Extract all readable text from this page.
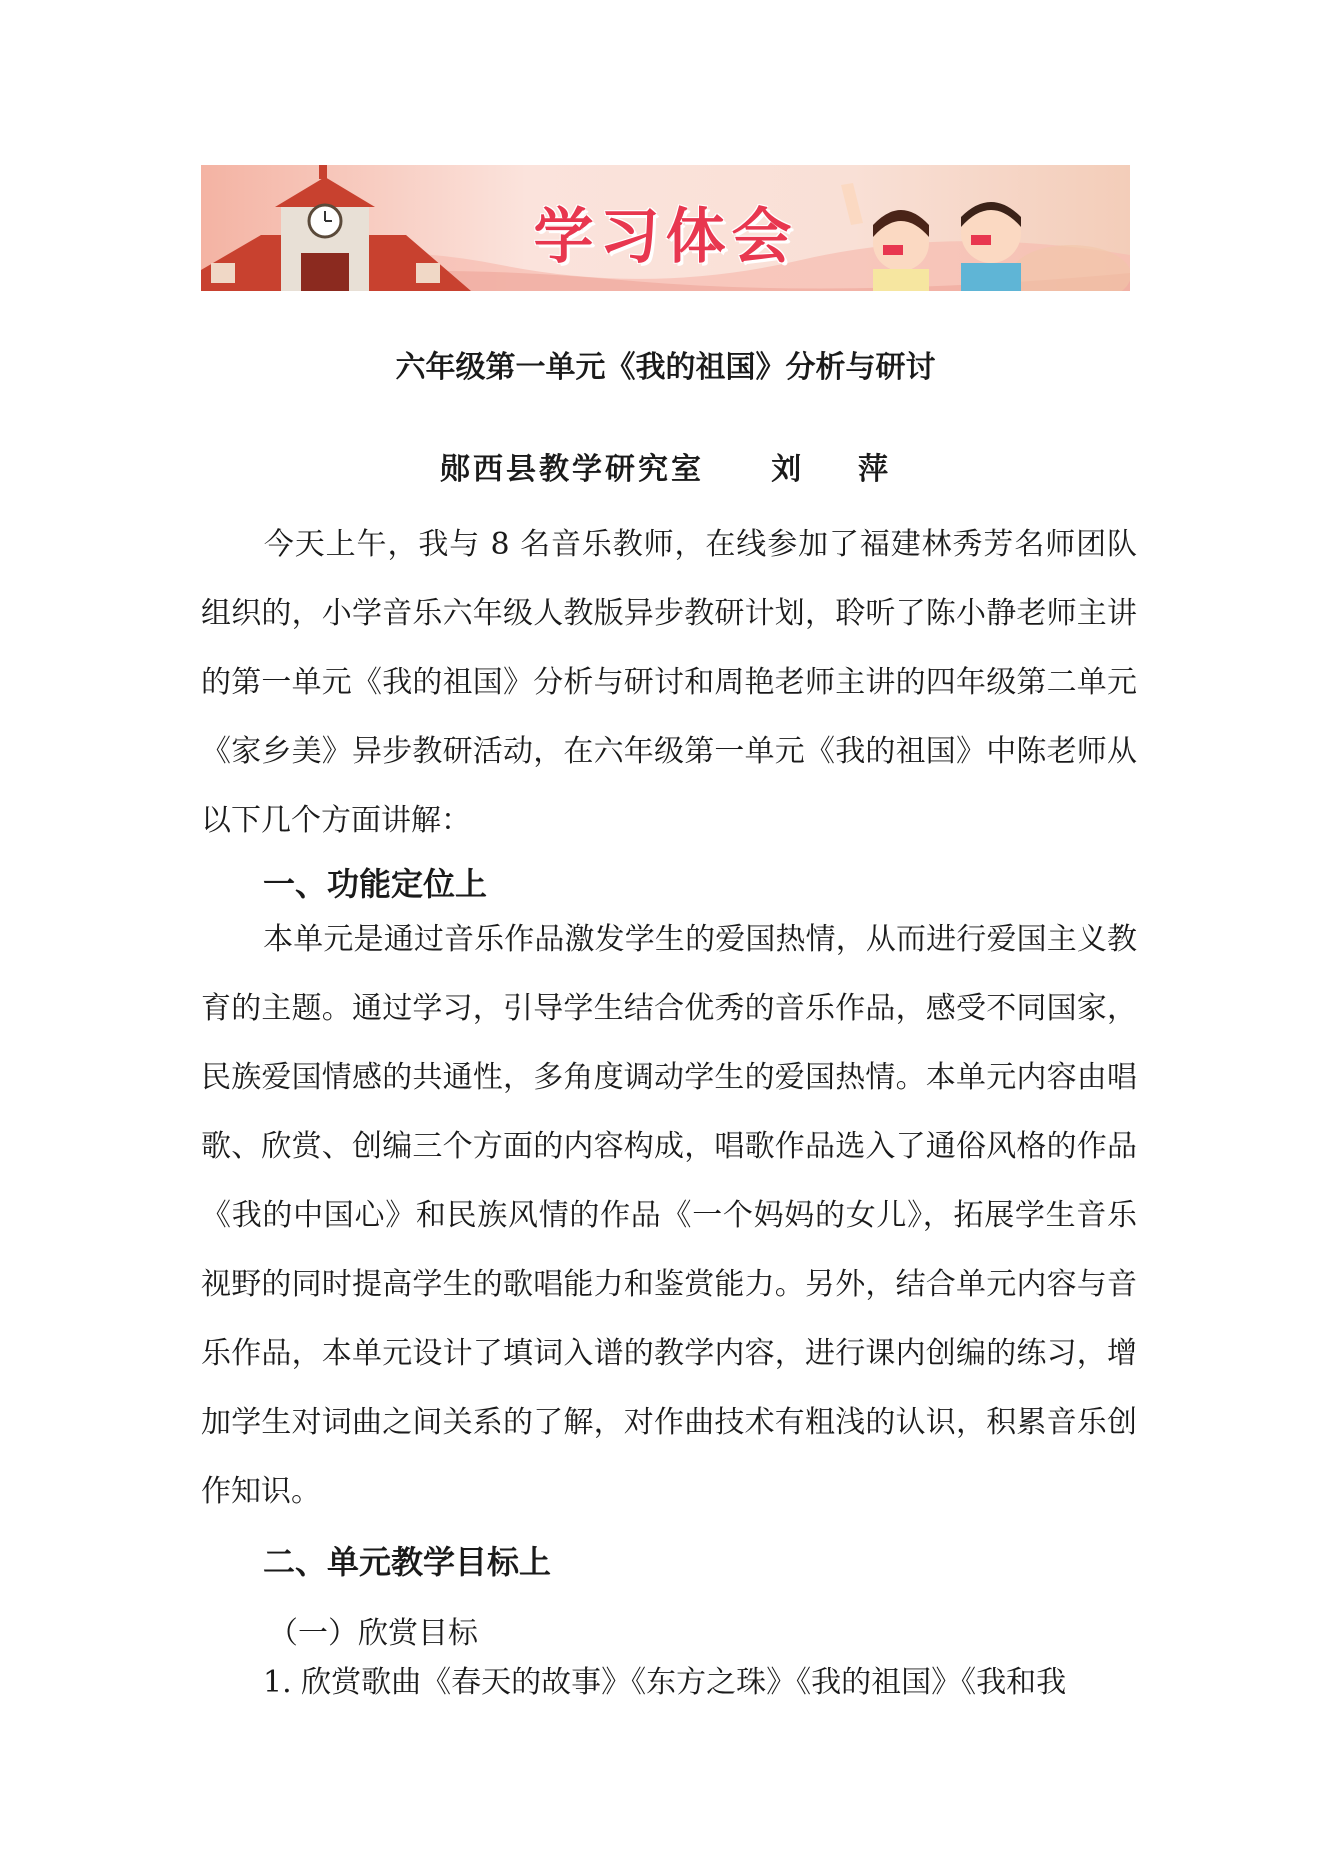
学习体会
六年级第一单元《我的祖国》分析与研讨
郧西县教学研究室     刘    萍

今天上午，我与 8 名音乐教师，在线参加了福建林秀芳名师团队组织的，小学音乐六年级人教版异步教研计划，聆听了陈小静老师主讲的第一单元《我的祖国》分析与研讨和周艳老师主讲的四年级第二单元《家乡美》异步教研活动，在六年级第一单元《我的祖国》中陈老师从以下几个方面讲解：

一、功能定位上

本单元是通过音乐作品激发学生的爱国热情，从而进行爱国主义教育的主题。通过学习，引导学生结合优秀的音乐作品，感受不同国家，民族爱国情感的共通性，多角度调动学生的爱国热情。本单元内容由唱歌、欣赏、创编三个方面的内容构成，唱歌作品选入了通俗风格的作品《我的中国心》和民族风情的作品《一个妈妈的女儿》，拓展学生音乐视野的同时提高学生的歌唱能力和鉴赏能力。另外，结合单元内容与音乐作品，本单元设计了填词入谱的教学内容，进行课内创编的练习，增加学生对词曲之间关系的了解，对作曲技术有粗浅的认识，积累音乐创作知识。

二、单元教学目标上
（一）欣赏目标
1. 欣赏歌曲《春天的故事》《东方之珠》《我的祖国》《我和我
